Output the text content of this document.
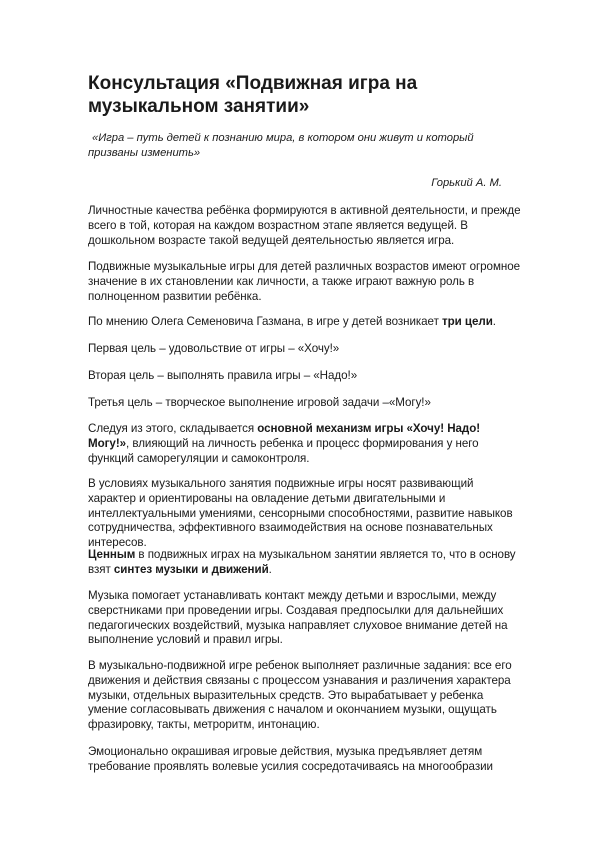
Консультация «Подвижная игра на музыкальном занятии»

«Игра – путь детей к познанию мира, в котором они живут и который призваны изменить»

Горький А. М.

Личностные качества ребёнка формируются в активной деятельности, и прежде всего в той, которая на каждом возрастном этапе является ведущей. В дошкольном возрасте такой ведущей деятельностью является игра.

Подвижные музыкальные игры для детей различных возрастов имеют огромное значение в их становлении как личности, а также играют важную роль в полноценном развитии ребёнка.

По мнению Олега Семеновича Газмана, в игре у детей возникает три цели.

Первая цель – удовольствие от игры – «Хочу!»

Вторая цель – выполнять правила игры – «Надо!»

Третья цель – творческое выполнение игровой задачи –«Могу!»

Следуя из этого, складывается основной механизм игры «Хочу! Надо! Могу!», влияющий на личность ребенка и процесс формирования у него функций саморегуляции и самоконтроля.

В условиях музыкального занятия подвижные игры носят развивающий характер и ориентированы на овладение детьми двигательными и интеллектуальными умениями, сенсорными способностями, развитие навыков сотрудничества, эффективного взаимодействия на основе познавательных интересов.

Ценным в подвижных играх на музыкальном занятии является то, что в основу взят синтез музыки и движений.

Музыка помогает устанавливать контакт между детьми и взрослыми, между сверстниками при проведении игры. Создавая предпосылки для дальнейших педагогических воздействий, музыка направляет слуховое внимание детей на выполнение условий и правил игры.

В музыкально-подвижной игре ребенок выполняет различные задания: все его движения и действия связаны с процессом узнавания и различения характера музыки, отдельных выразительных средств. Это вырабатывает у ребенка умение согласовывать движения с началом и окончанием музыки, ощущать фразировку, такты, метроритм, интонацию.

Эмоционально окрашивая игровые действия, музыка предъявляет детям требование проявлять волевые усилия сосредотачиваясь на многообразии
